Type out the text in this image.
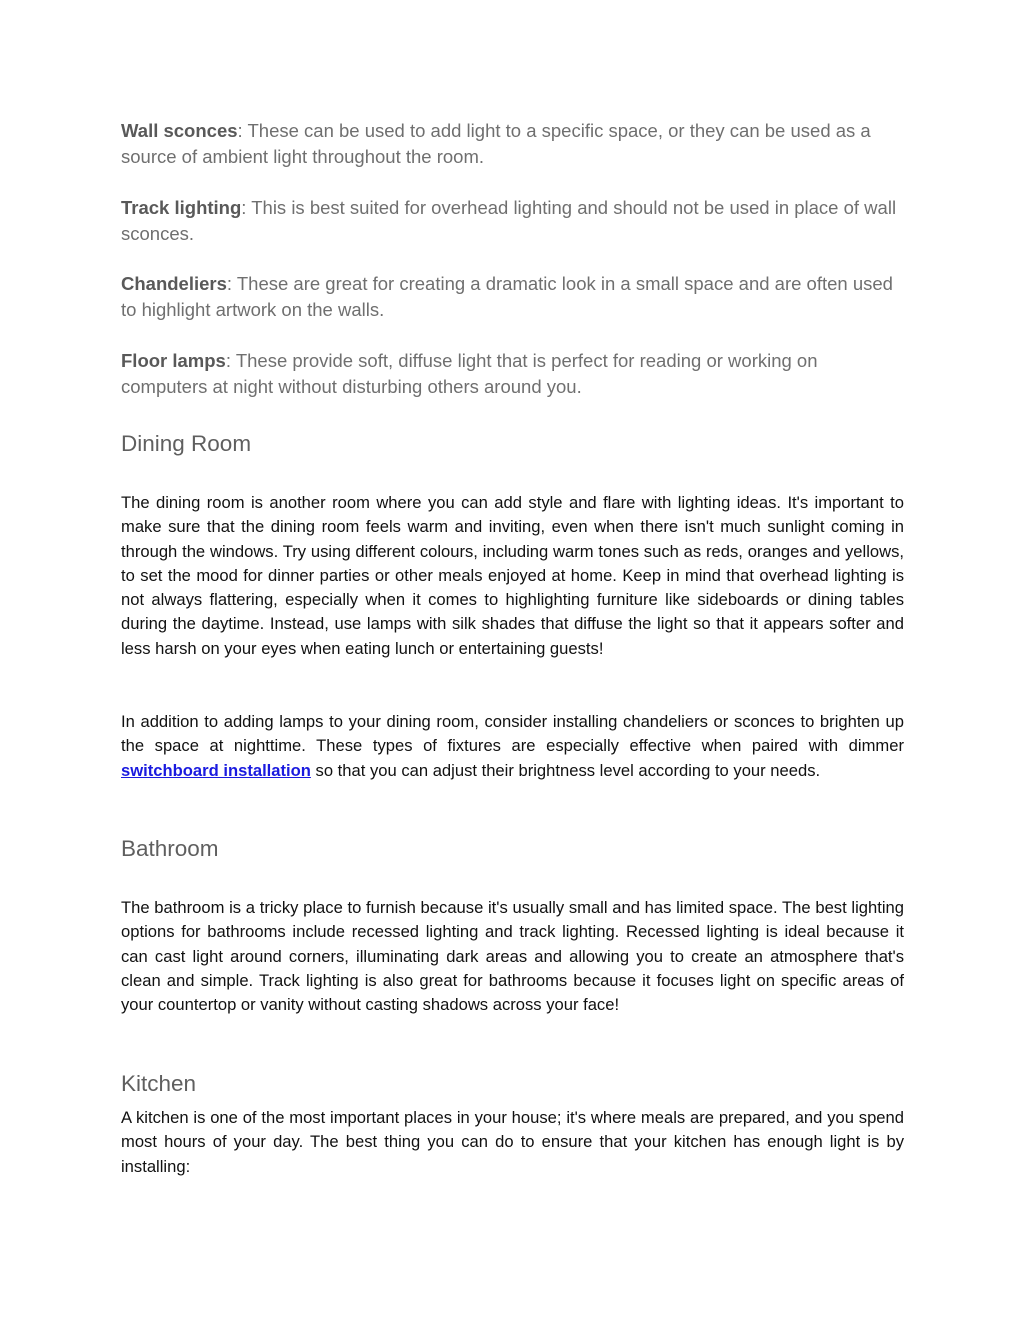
Wall sconces: These can be used to add light to a specific space, or they can be used as a source of ambient light throughout the room.

Track lighting: This is best suited for overhead lighting and should not be used in place of wall sconces.

Chandeliers: These are great for creating a dramatic look in a small space and are often used to highlight artwork on the walls.

Floor lamps: These provide soft, diffuse light that is perfect for reading or working on computers at night without disturbing others around you.

Dining Room

The dining room is another room where you can add style and flare with lighting ideas. It's important to make sure that the dining room feels warm and inviting, even when there isn't much sunlight coming in through the windows. Try using different colours, including warm tones such as reds, oranges and yellows, to set the mood for dinner parties or other meals enjoyed at home. Keep in mind that overhead lighting is not always flattering, especially when it comes to highlighting furniture like sideboards or dining tables during the daytime. Instead, use lamps with silk shades that diffuse the light so that it appears softer and less harsh on your eyes when eating lunch or entertaining guests!

In addition to adding lamps to your dining room, consider installing chandeliers or sconces to brighten up the space at nighttime. These types of fixtures are especially effective when paired with dimmer switchboard installation so that you can adjust their brightness level according to your needs.

Bathroom

The bathroom is a tricky place to furnish because it's usually small and has limited space. The best lighting options for bathrooms include recessed lighting and track lighting. Recessed lighting is ideal because it can cast light around corners, illuminating dark areas and allowing you to create an atmosphere that's clean and simple. Track lighting is also great for bathrooms because it focuses light on specific areas of your countertop or vanity without casting shadows across your face!

Kitchen

A kitchen is one of the most important places in your house; it's where meals are prepared, and you spend most hours of your day. The best thing you can do to ensure that your kitchen has enough light is by installing:
